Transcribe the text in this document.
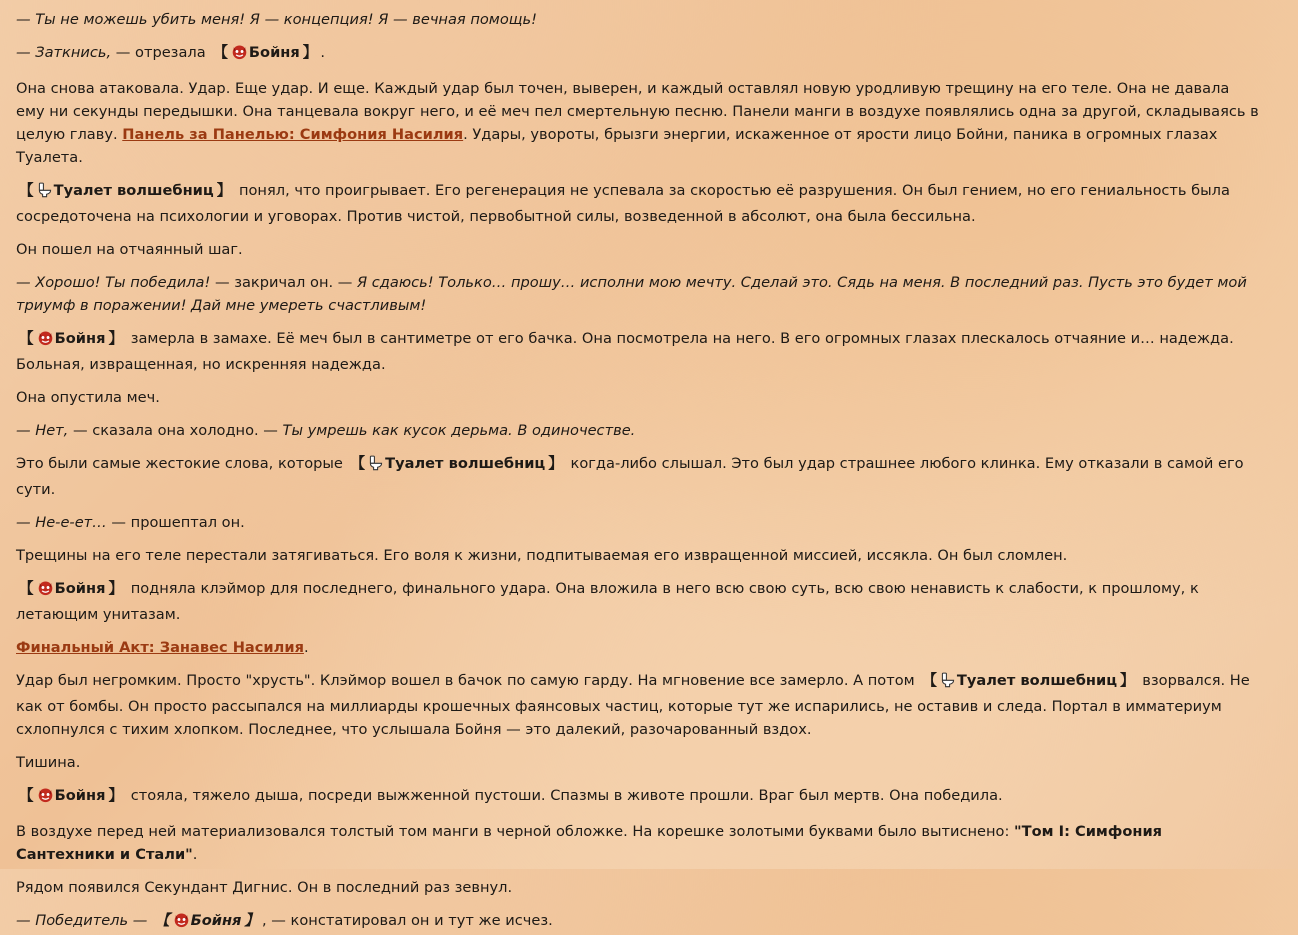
— Ты не можешь убить меня! Я — концепция! Я — вечная помощь!

— Заткнись, — отрезала 【 Бойня 】 .

Она снова атаковала. Удар. Еще удар. И еще. Каждый удар был точен, выверен, и каждый оставлял новую уродливую трещину на его теле. Она не давала ему ни секунды передышки. Она танцевала вокруг него, и её меч пел смертельную песню. Панели манги в воздухе появлялись одна за другой, складываясь в целую главу. Панель за Панелью: Симфония Насилия. Удары, увороты, брызги энергии, искаженное от ярости лицо Бойни, паника в огромных глазах Туалета.

【 Туалет волшебниц 】 понял, что проигрывает. Его регенерация не успевала за скоростью её разрушения. Он был гением, но его гениальность была сосредоточена на психологии и уговорах. Против чистой, первобытной силы, возведенной в абсолют, она была бессильна.

Он пошел на отчаянный шаг.

— Хорошо! Ты победила! — закричал он. — Я сдаюсь! Только… прошу… исполни мою мечту. Сделай это. Сядь на меня. В последний раз. Пусть это будет мой триумф в поражении! Дай мне умереть счастливым!

【 Бойня 】 замерла в замахе. Её меч был в сантиметре от его бачка. Она посмотрела на него. В его огромных глазах плескалось отчаяние и… надежда. Больная, извращенная, но искренняя надежда.

Она опустила меч.

— Нет, — сказала она холодно. — Ты умрешь как кусок дерьма. В одиночестве.

Это были самые жестокие слова, которые 【 Туалет волшебниц 】 когда-либо слышал. Это был удар страшнее любого клинка. Ему отказали в самой его сути.

— Не-е-ет… — прошептал он.

Трещины на его теле перестали затягиваться. Его воля к жизни, подпитываемая его извращенной миссией, иссякла. Он был сломлен.

【 Бойня 】 подняла клэймор для последнего, финального удара. Она вложила в него всю свою суть, всю свою ненависть к слабости, к прошлому, к летающим унитазам.

Финальный Акт: Занавес Насилия.

Удар был негромким. Просто "хрусть". Клэймор вошел в бачок по самую гарду. На мгновение все замерло. А потом 【 Туалет волшебниц 】 взорвался. Не как от бомбы. Он просто рассыпался на миллиарды крошечных фаянсовых частиц, которые тут же испарились, не оставив и следа. Портал в имматериум схлопнулся с тихим хлопком. Последнее, что услышала Бойня — это далекий, разочарованный вздох.

Тишина.

【 Бойня 】 стояла, тяжело дыша, посреди выжженной пустоши. Спазмы в животе прошли. Враг был мертв. Она победила.

В воздухе перед ней материализовался толстый том манги в черной обложке. На корешке золотыми буквами было вытиснено: "Том I: Симфония Сантехники и Стали".

Рядом появился Секундант Дигнис. Он в последний раз зевнул.

— Победитель — 【 Бойня 】 , — констатировал он и тут же исчез.
